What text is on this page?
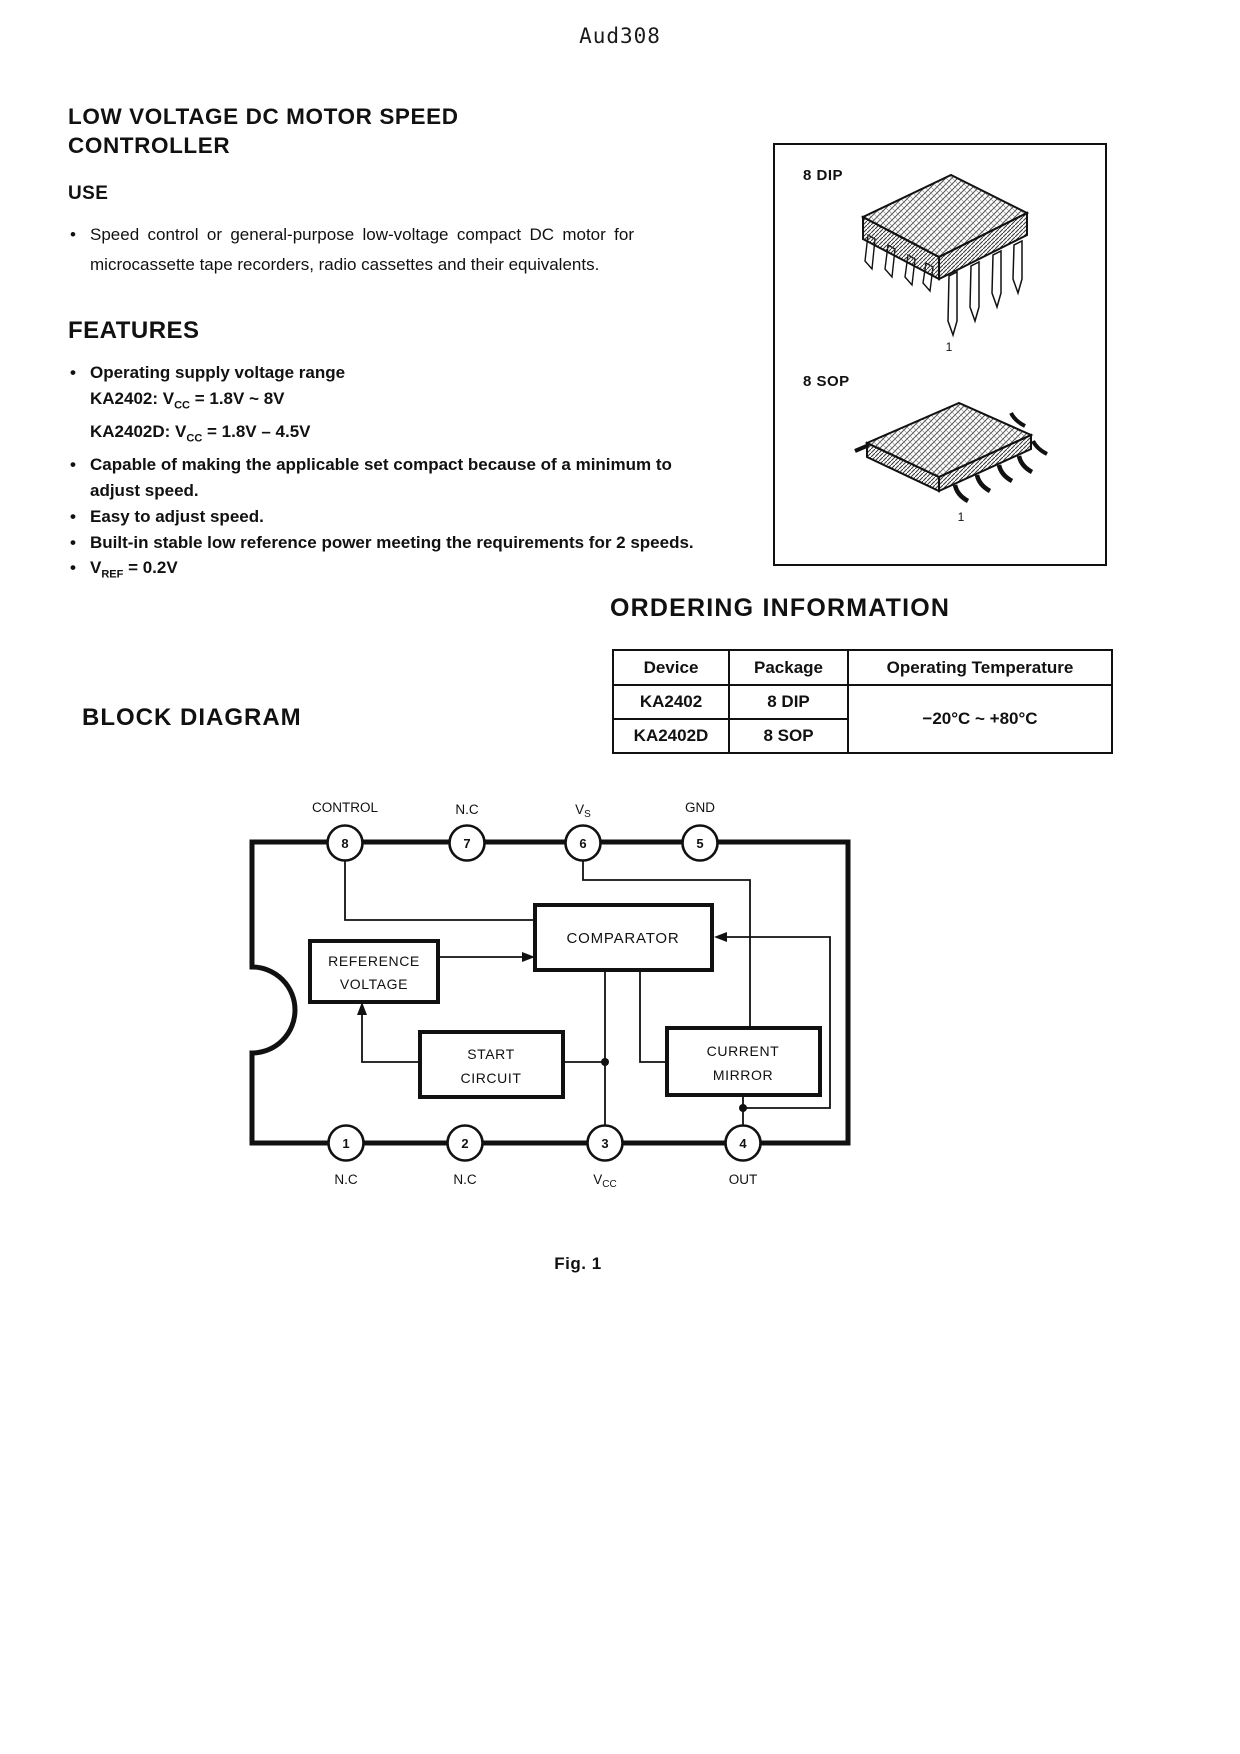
Aud308
LOW VOLTAGE DC MOTOR SPEED
CONTROLLER
USE
• Speed control or general-purpose low-voltage compact DC motor for microcassette tape recorders, radio cassettes and their equivalents.
FEATURES
• Operating supply voltage range
KA2402: $V_{CC} = 1.8V$ ~ 8V
KA2402D: $V_{CC} = 1.8V - 4.5V$
• Capable of making the applicable set compact because of a minimum to adjust speed.
• Easy to adjust speed.
• Built-in stable low reference power meeting the requirements for 2 speeds.
• $V_{REF} = 0.2V$
8 DIP
8 SOP
1
1
ORDERING INFORMATION
Device	Package	Operating Temperature
KA2402	8 DIP	−20°C ~ +80°C
KA2402D	8 SOP	
BLOCK DIAGRAM
COMPARATOR
REFERENCE
VOLTAGE
START
CIRCUIT
CURRENT
MIRROR
8
CONTROL
7
N.C
6
$V_S$
5
GND
1
N.C
2
N.C
3
$V_{CC}$
4
OUT
Fig. 1
